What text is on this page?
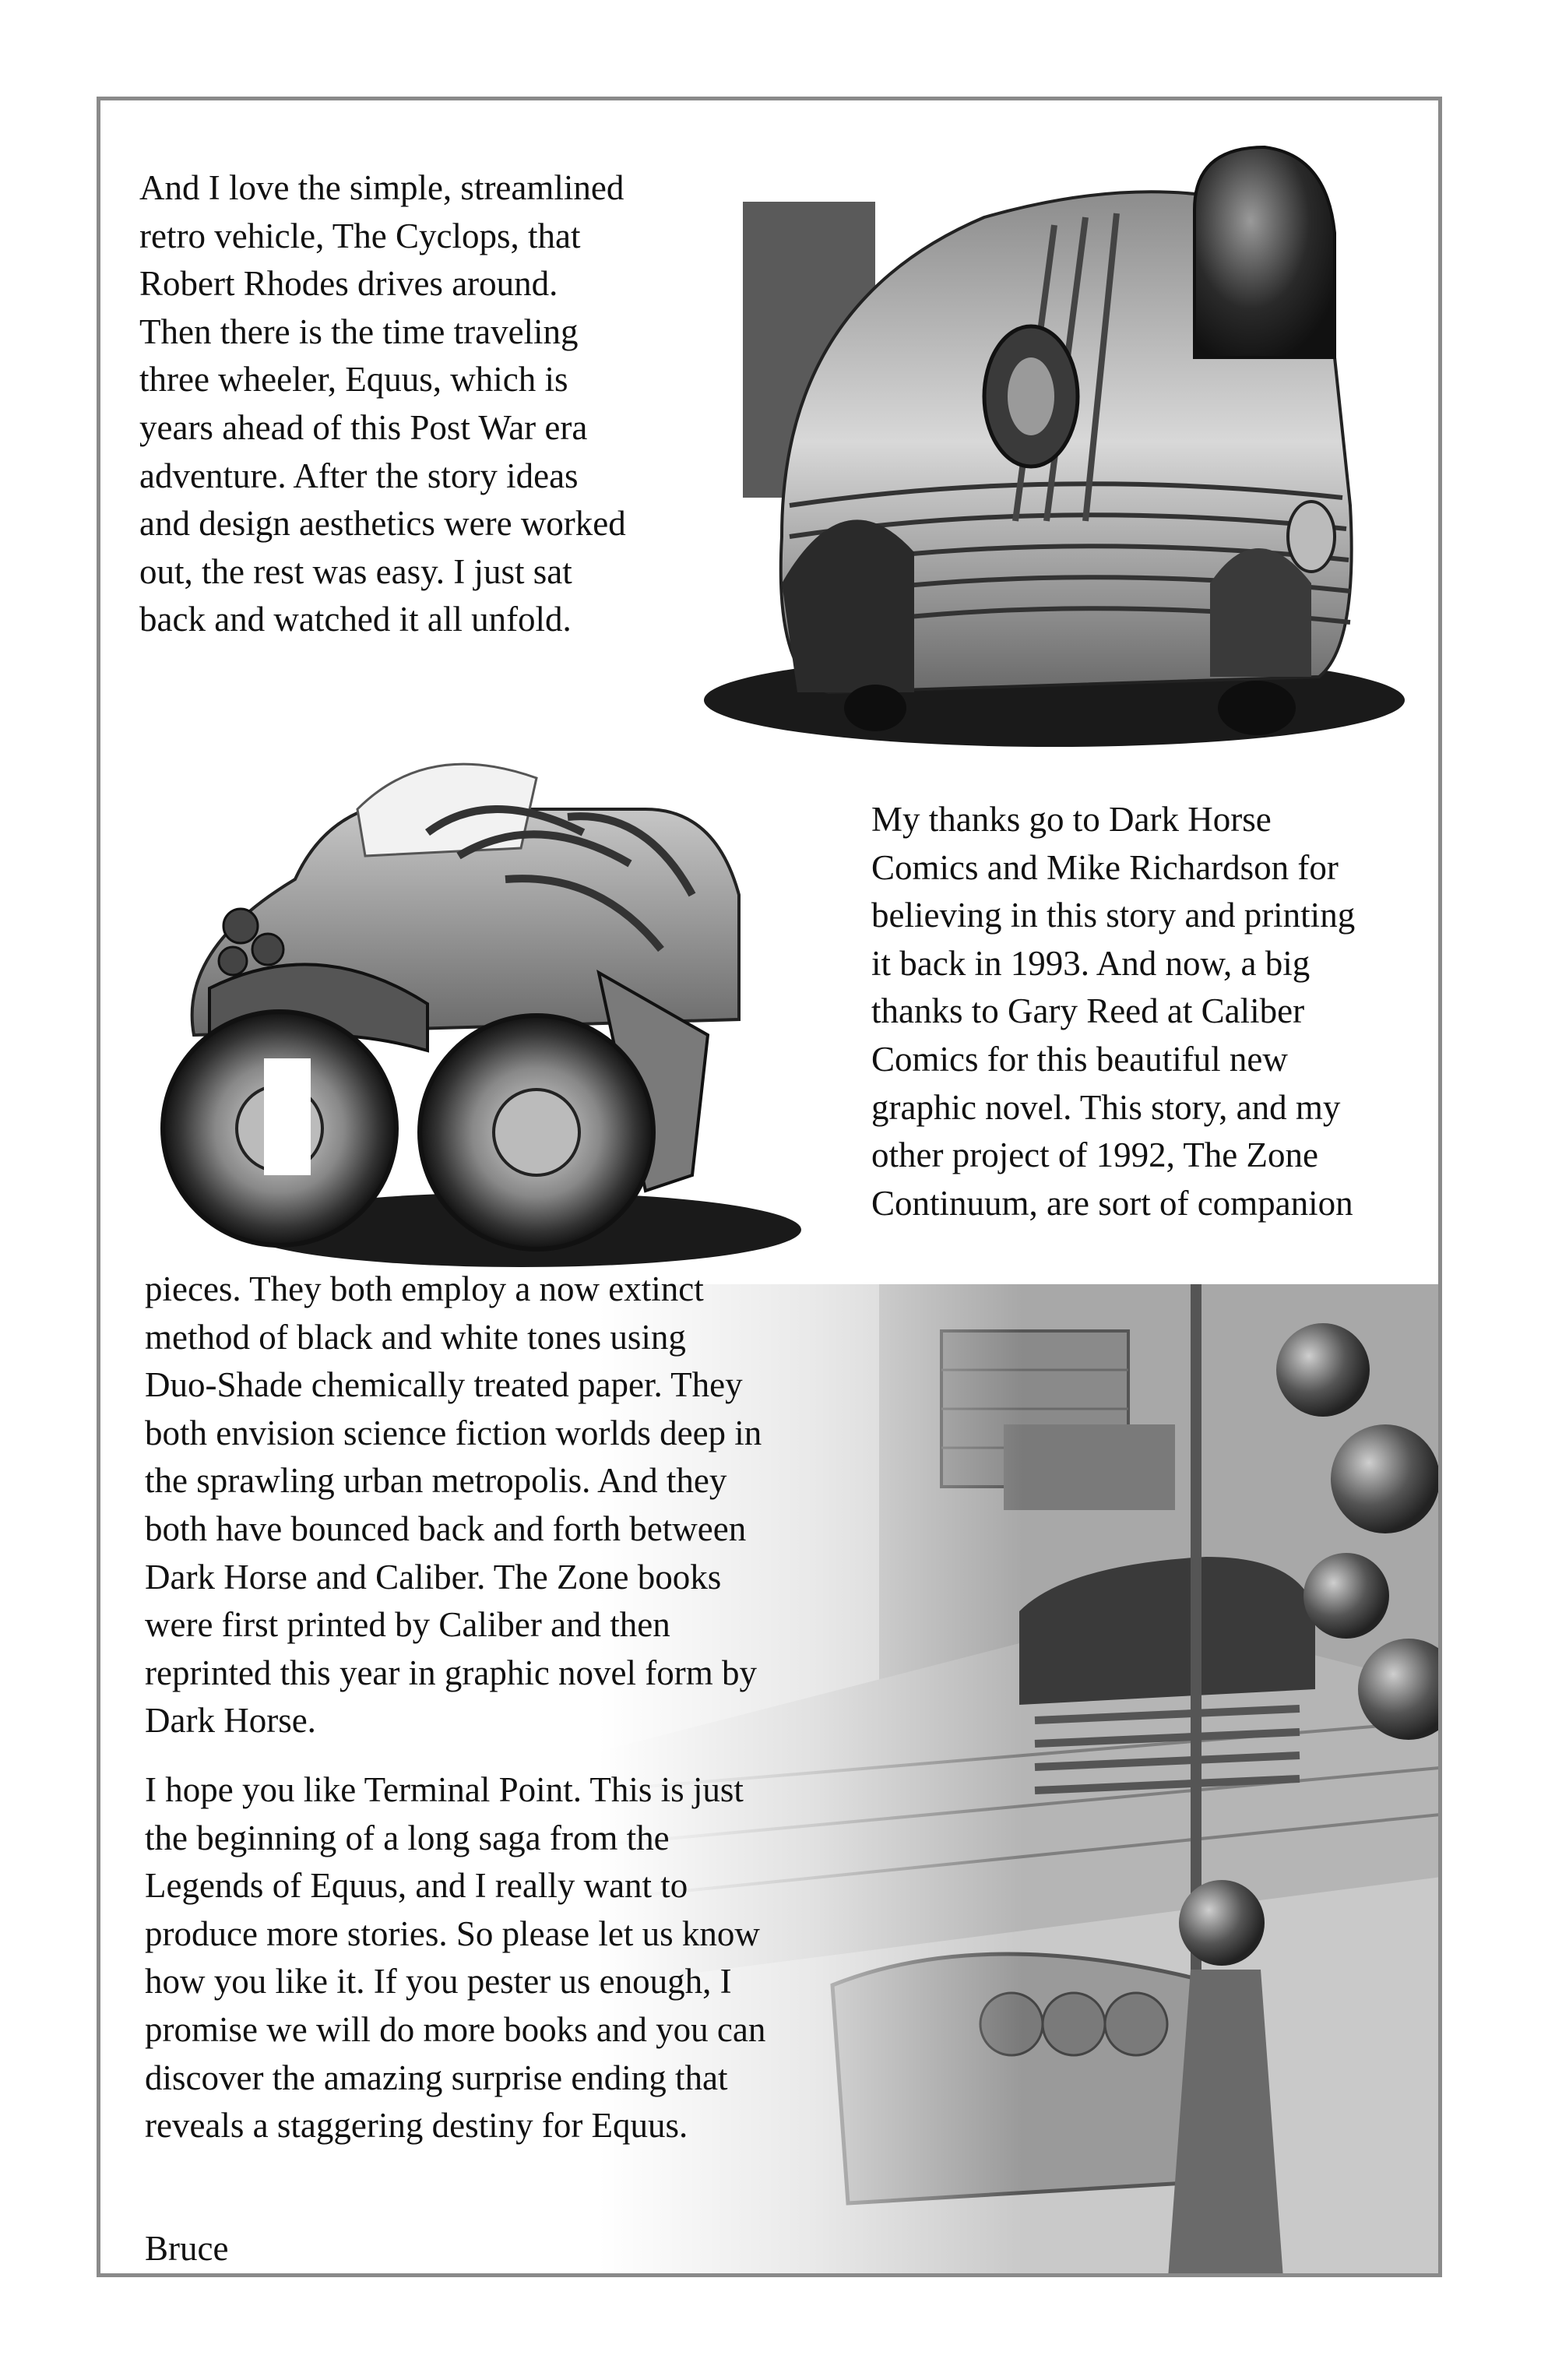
And I love the simple, streamlined
retro vehicle, The Cyclops, that
Robert Rhodes drives around.
Then there is the time traveling
three wheeler, Equus, which is
years ahead of this Post War era
adventure. After the story ideas
and design aesthetics were worked
out, the rest was easy. I just sat
back and watched it all unfold.
My thanks go to Dark Horse
Comics and Mike Richardson for
believing in this story and printing
it back in 1993. And now, a big
thanks to Gary Reed at Caliber
Comics for this beautiful new
graphic novel. This story, and my
other project of 1992, The Zone
Continuum, are sort of companion
pieces. They both employ a now extinct
method of black and white tones using
Duo-Shade chemically treated paper. They
both envision science fiction worlds deep in
the sprawling urban metropolis. And they
both have bounced back and forth between
Dark Horse and Caliber. The Zone books
were first printed by Caliber and then
reprinted this year in graphic novel form by
Dark Horse.
I hope you like Terminal Point. This is just
the beginning of a long saga from the
Legends of Equus, and I really want to
produce more stories. So please let us know
how you like it. If you pester us enough, I
promise we will do more books and you can
discover the amazing surprise ending that
reveals a staggering destiny for Equus.
Bruce
